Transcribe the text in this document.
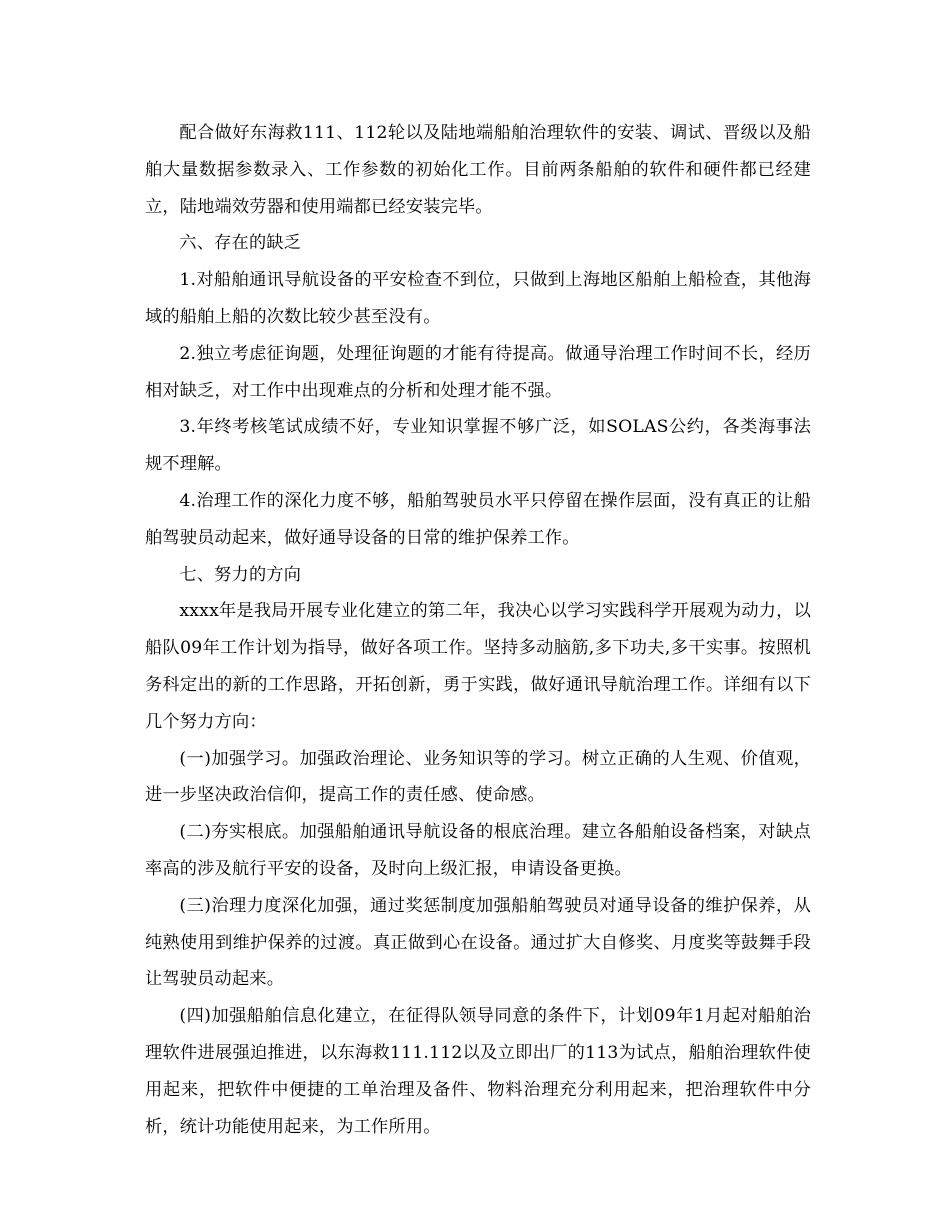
配合做好东海救111、112轮以及陆地端船舶治理软件的安装、调试、晋级以及船舶大量数据参数录入、工作参数的初始化工作。目前两条船舶的软件和硬件都已经建立，陆地端效劳器和使用端都已经安装完毕。

六、存在的缺乏

1.对船舶通讯导航设备的平安检查不到位，只做到上海地区船舶上船检查，其他海域的船舶上船的次数比较少甚至没有。

2.独立考虑征询题，处理征询题的才能有待提高。做通导治理工作时间不长，经历相对缺乏，对工作中出现难点的分析和处理才能不强。

3.年终考核笔试成绩不好，专业知识掌握不够广泛，如SOLAS公约，各类海事法规不理解。

4.治理工作的深化力度不够，船舶驾驶员水平只停留在操作层面，没有真正的让船舶驾驶员动起来，做好通导设备的日常的维护保养工作。

七、努力的方向

xxxx年是我局开展专业化建立的第二年，我决心以学习实践科学开展观为动力，以船队09年工作计划为指导，做好各项工作。坚持多动脑筋,多下功夫,多干实事。按照机务科定出的新的工作思路，开拓创新，勇于实践，做好通讯导航治理工作。详细有以下几个努力方向：

(一)加强学习。加强政治理论、业务知识等的学习。树立正确的人生观、价值观，进一步坚决政治信仰，提高工作的责任感、使命感。

(二)夯实根底。加强船舶通讯导航设备的根底治理。建立各船舶设备档案，对缺点率高的涉及航行平安的设备，及时向上级汇报，申请设备更换。

(三)治理力度深化加强，通过奖惩制度加强船舶驾驶员对通导设备的维护保养，从纯熟使用到维护保养的过渡。真正做到心在设备。通过扩大自修奖、月度奖等鼓舞手段让驾驶员动起来。

(四)加强船舶信息化建立，在征得队领导同意的条件下，计划09年1月起对船舶治理软件进展强迫推进，以东海救111.112以及立即出厂的113为试点，船舶治理软件使用起来，把软件中便捷的工单治理及备件、物料治理充分利用起来，把治理软件中分析，统计功能使用起来，为工作所用。
